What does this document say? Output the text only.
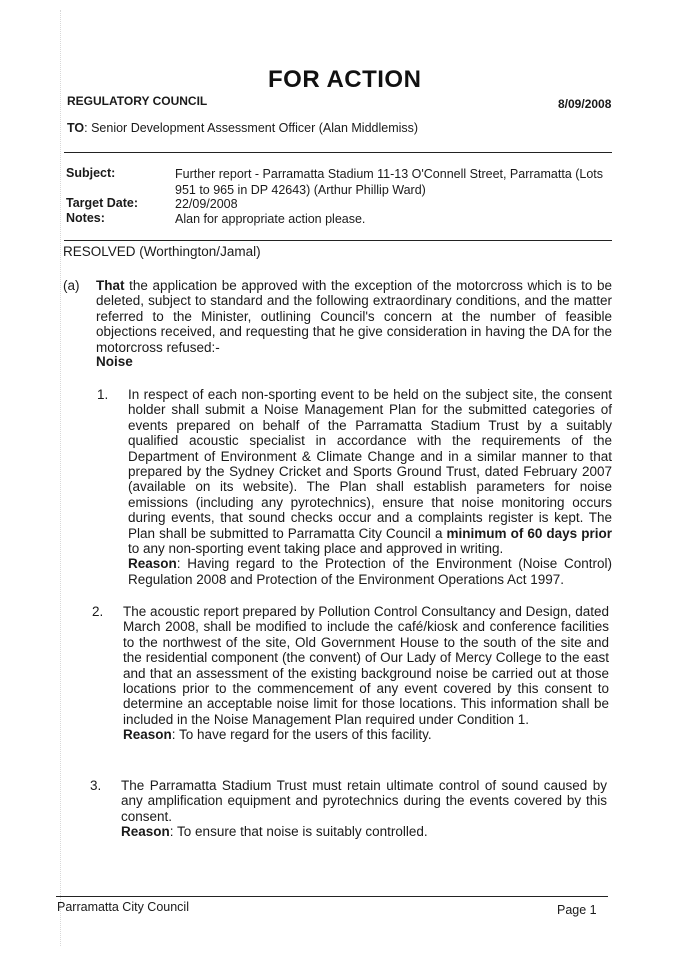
FOR ACTION
REGULATORY COUNCIL	8/09/2008
TO: Senior Development Assessment Officer (Alan Middlemiss)
Subject:	Further report - Parramatta Stadium 11-13 O'Connell Street, Parramatta (Lots 951 to 965 in DP 42643) (Arthur Phillip Ward)
Target Date:	22/09/2008
Notes:	Alan for appropriate action please.
RESOLVED (Worthington/Jamal)
(a) That the application be approved with the exception of the motorcross which is to be deleted, subject to standard and the following extraordinary conditions, and the matter referred to the Minister, outlining Council's concern at the number of feasible objections received, and requesting that he give consideration in having the DA for the motorcross refused:-
Noise
1. In respect of each non-sporting event to be held on the subject site, the consent holder shall submit a Noise Management Plan for the submitted categories of events prepared on behalf of the Parramatta Stadium Trust by a suitably qualified acoustic specialist in accordance with the requirements of the Department of Environment & Climate Change and in a similar manner to that prepared by the Sydney Cricket and Sports Ground Trust, dated February 2007 (available on its website). The Plan shall establish parameters for noise emissions (including any pyrotechnics), ensure that noise monitoring occurs during events, that sound checks occur and a complaints register is kept. The Plan shall be submitted to Parramatta City Council a minimum of 60 days prior to any non-sporting event taking place and approved in writing.
Reason: Having regard to the Protection of the Environment (Noise Control) Regulation 2008 and Protection of the Environment Operations Act 1997.
2. The acoustic report prepared by Pollution Control Consultancy and Design, dated March 2008, shall be modified to include the café/kiosk and conference facilities to the northwest of the site, Old Government House to the south of the site and the residential component (the convent) of Our Lady of Mercy College to the east and that an assessment of the existing background noise be carried out at those locations prior to the commencement of any event covered by this consent to determine an acceptable noise limit for those locations. This information shall be included in the Noise Management Plan required under Condition 1.
Reason: To have regard for the users of this facility.
3. The Parramatta Stadium Trust must retain ultimate control of sound caused by any amplification equipment and pyrotechnics during the events covered by this consent.
Reason: To ensure that noise is suitably controlled.
Parramatta City Council	Page 1
